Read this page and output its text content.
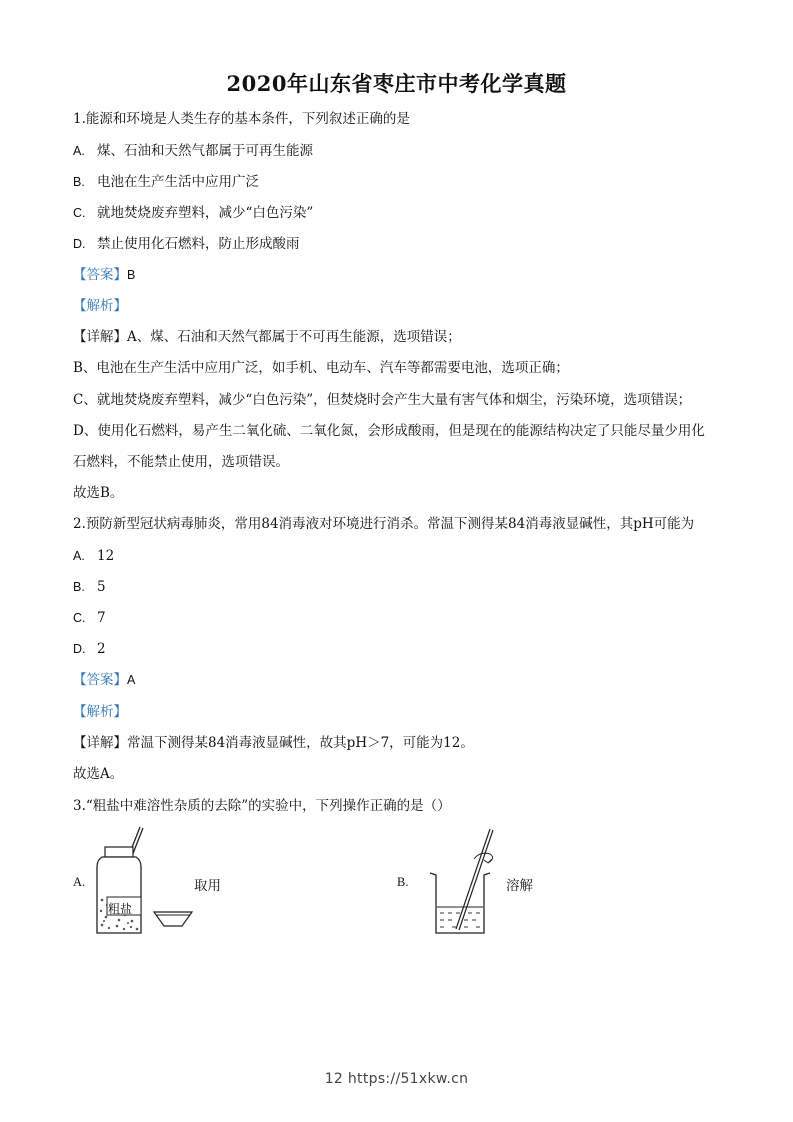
2020年山东省枣庄市中考化学真题
1.能源和环境是人类生存的基本条件，下列叙述正确的是
A. 煤、石油和天然气都属于可再生能源
B. 电池在生产生活中应用广泛
C. 就地焚烧废弃塑料，减少“白色污染”
D. 禁止使用化石燃料，防止形成酸雨
【答案】B
【解析】
【详解】A、煤、石油和天然气都属于不可再生能源，选项错误；
B、电池在生产生活中应用广泛，如手机、电动车、汽车等都需要电池，选项正确；
C、就地焚烧废弃塑料，减少“白色污染”，但焚烧时会产生大量有害气体和烟尘，污染环境，选项错误；
D、使用化石燃料，易产生二氧化硫、二氧化氮，会形成酸雨，但是现在的能源结构决定了只能尽量少用化
石燃料，不能禁止使用，选项错误。
故选B。
2.预防新型冠状病毒肺炎，常用84消毒液对环境进行消杀。常温下测得某84消毒液显碱性，其pH可能为
A. 12
B. 5
C. 7
D. 2
【答案】A
【解析】
【详解】常温下测得某84消毒液显碱性，故其pH＞7，可能为12。
故选A。
3.“粗盐中难溶性杂质的去除”的实验中，下列操作正确的是（）
A.
粗盐
取用	B.	溶解
12 https://51xkw.cn
